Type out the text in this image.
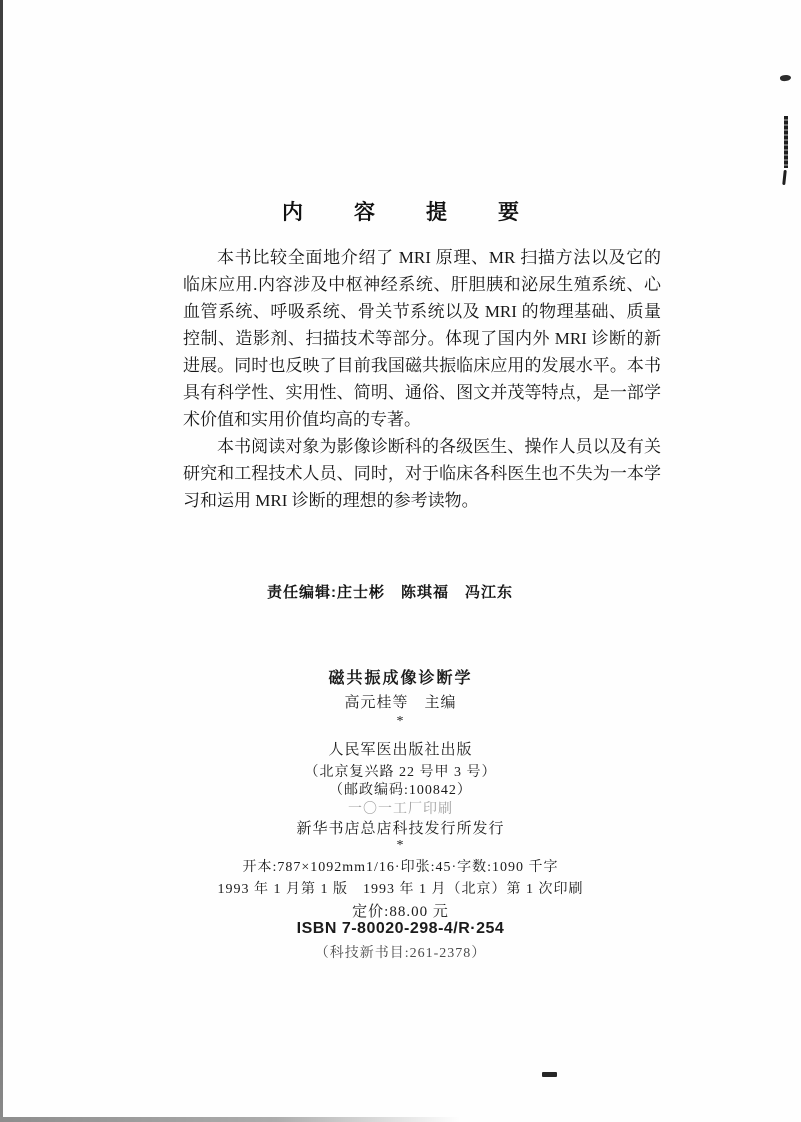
内　容　提　要

本书比较全面地介绍了 MRI 原理、MR 扫描方法以及它的临床应用.内容涉及中枢神经系统、肝胆胰和泌尿生殖系统、心血管系统、呼吸系统、骨关节系统以及 MRI 的物理基础、质量控制、造影剂、扫描技术等部分。体现了国内外 MRI 诊断的新进展。同时也反映了目前我国磁共振临床应用的发展水平。本书具有科学性、实用性、简明、通俗、图文并茂等特点，是一部学术价值和实用价值均高的专著。

本书阅读对象为影像诊断科的各级医生、操作人员以及有关研究和工程技术人员、同时，对于临床各科医生也不失为一本学习和运用 MRI 诊断的理想的参考读物。

责任编辑:庄士彬　陈琪福　冯江东
磁共振成像诊断学
高元桂等　主编
*
人民军医出版社出版
（北京复兴路 22 号甲 3 号）
（邮政编码:100842）
一〇一工厂印刷
新华书店总店科技发行所发行
*
开本:787×1092mm1/16·印张:45·字数:1090 千字
1993 年 1 月第 1 版　1993 年 1 月（北京）第 1 次印刷
定价:88.00 元
ISBN 7-80020-298-4/R·254
（科技新书目:261-2378）
